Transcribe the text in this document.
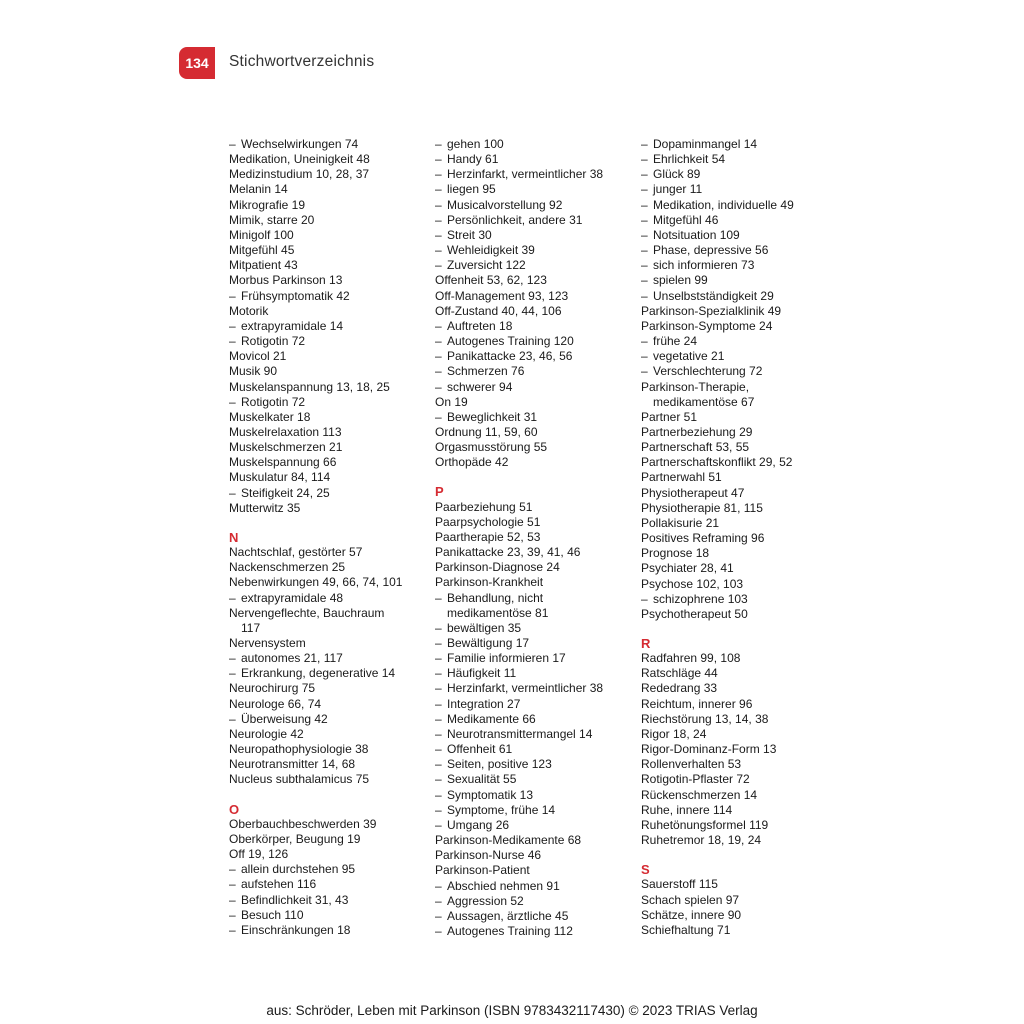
134	Stichwortverzeichnis
– Wechselwirkungen 74
Medikation, Uneinigkeit 48
Medizinstudium 10, 28, 37
Melanin 14
Mikrografie 19
Mimik, starre 20
Minigolf 100
Mitgefühl 45
Mitpatient 43
Morbus Parkinson 13
– Frühsymptomatik 42
Motorik
– extrapyramidale 14
– Rotigotin 72
Movicol 21
Musik 90
Muskelanspannung 13, 18, 25
– Rotigotin 72
Muskelkater 18
Muskelrelaxation 113
Muskelschmerzen 21
Muskelspannung 66
Muskulatur 84, 114
– Steifigkeit 24, 25
Mutterwitz 35
N
Nachtschlaf, gestörter 57
Nackenschmerzen 25
Nebenwirkungen 49, 66, 74, 101
– extrapyramidale 48
Nervengeflechte, Bauchraum
117
Nervensystem
– autonomes 21, 117
– Erkrankung, degenerative 14
Neurochirurg 75
Neurologe 66, 74
– Überweisung 42
Neurologie 42
Neuropathophysiologie 38
Neurotransmitter 14, 68
Nucleus subthalamicus 75
O
Oberbauchbeschwerden 39
Oberkörper, Beugung 19
Off 19, 126
– allein durchstehen 95
– aufstehen 116
– Befindlichkeit 31, 43
– Besuch 110
– Einschränkungen 18
– gehen 100
– Handy 61
– Herzinfarkt, vermeintlicher 38
– liegen 95
– Musicalvorstellung 92
– Persönlichkeit, andere 31
– Streit 30
– Wehleidigkeit 39
– Zuversicht 122
Offenheit 53, 62, 123
Off-Management 93, 123
Off-Zustand 40, 44, 106
– Auftreten 18
– Autogenes Training 120
– Panikattacke 23, 46, 56
– Schmerzen 76
– schwerer 94
On 19
– Beweglichkeit 31
Ordnung 11, 59, 60
Orgasmusstörung 55
Orthopäde 42
P
Paarbeziehung 51
Paarpsychologie 51
Paartherapie 52, 53
Panikattacke 23, 39, 41, 46
Parkinson-Diagnose 24
Parkinson-Krankheit
– Behandlung, nicht
medikamentöse 81
– bewältigen 35
– Bewältigung 17
– Familie informieren 17
– Häufigkeit 11
– Herzinfarkt, vermeintlicher 38
– Integration 27
– Medikamente 66
– Neurotransmittermangel 14
– Offenheit 61
– Seiten, positive 123
– Sexualität 55
– Symptomatik 13
– Symptome, frühe 14
– Umgang 26
Parkinson-Medikamente 68
Parkinson-Nurse 46
Parkinson-Patient
– Abschied nehmen 91
– Aggression 52
– Aussagen, ärztliche 45
– Autogenes Training 112
– Dopaminmangel 14
– Ehrlichkeit 54
– Glück 89
– junger 11
– Medikation, individuelle 49
– Mitgefühl 46
– Notsituation 109
– Phase, depressive 56
– sich informieren 73
– spielen 99
– Unselbstständigkeit 29
Parkinson-Spezialklinik 49
Parkinson-Symptome 24
– frühe 24
– vegetative 21
– Verschlechterung 72
Parkinson-Therapie,
medikamentöse 67
Partner 51
Partnerbeziehung 29
Partnerschaft 53, 55
Partnerschaftskonflikt 29, 52
Partnerwahl 51
Physiotherapeut 47
Physiotherapie 81, 115
Pollakisurie 21
Positives Reframing 96
Prognose 18
Psychiater 28, 41
Psychose 102, 103
– schizophrene 103
Psychotherapeut 50
R
Radfahren 99, 108
Ratschläge 44
Rededrang 33
Reichtum, innerer 96
Riechstörung 13, 14, 38
Rigor 18, 24
Rigor-Dominanz-Form 13
Rollenverhalten 53
Rotigotin-Pflaster 72
Rückenschmerzen 14
Ruhe, innere 114
Ruhetönungsformel 119
Ruhetremor 18, 19, 24
S
Sauerstoff 115
Schach spielen 97
Schätze, innere 90
Schiefhaltung 71
aus: Schröder, Leben mit Parkinson (ISBN 9783432117430) © 2023 TRIAS Verlag
